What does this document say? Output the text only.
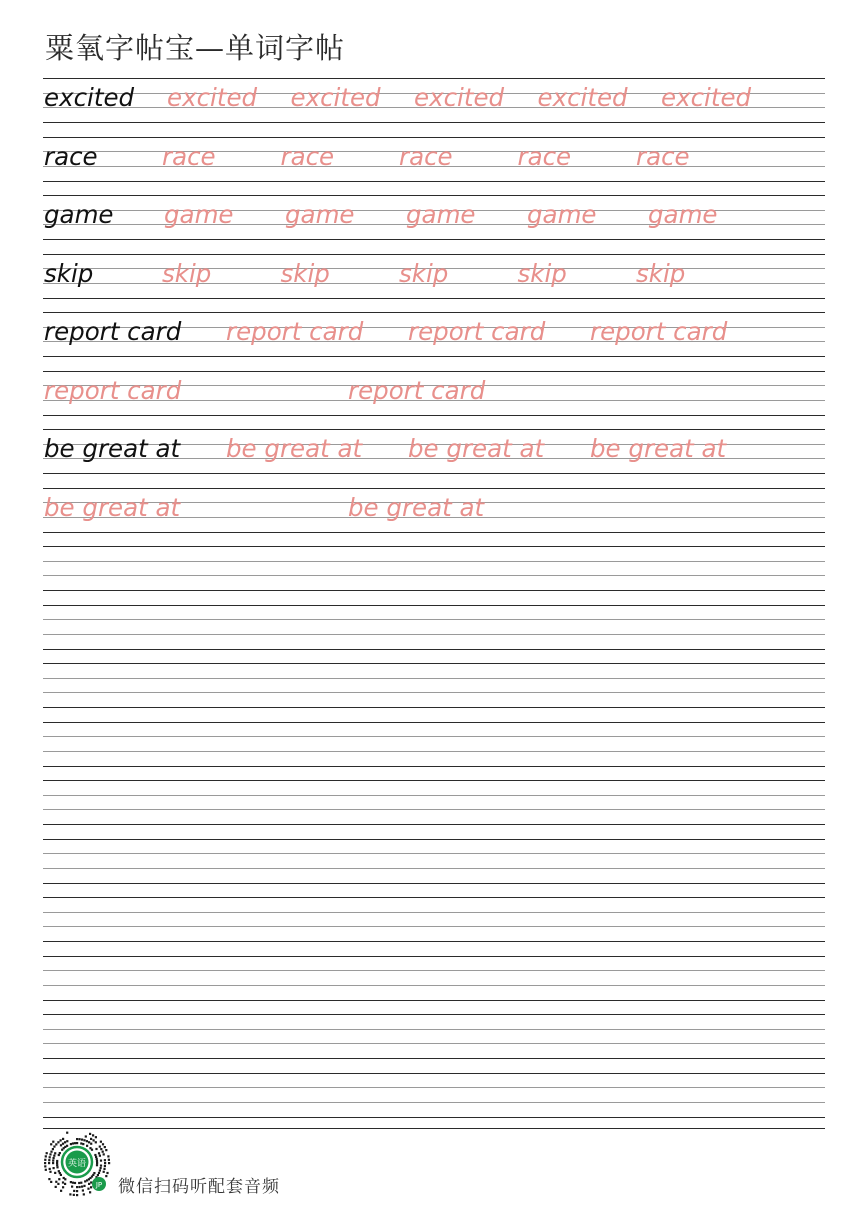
粟氧字帖宝—单词字帖
excited excited excited excited excited excited
race	race	race	race	race	race
game game game game game game
skip	skip	skip	skip	skip	skip
report card report card report card report card
report card	report card
be great at be great at be great at be great at
be great at	be great at
英语
JP 微信扫码听配套音频
